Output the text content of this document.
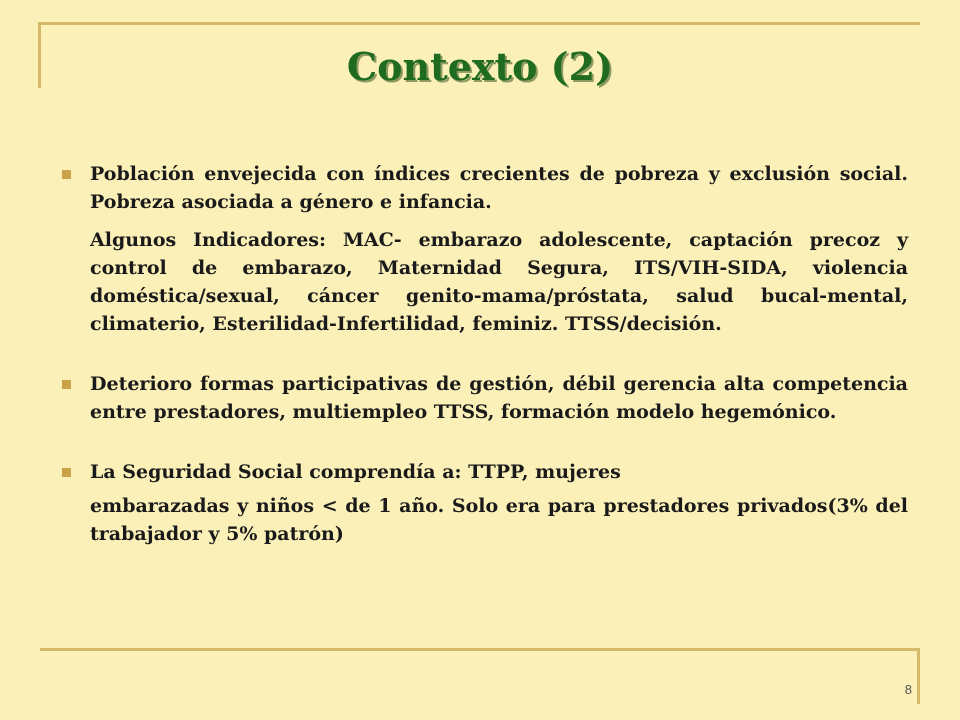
Contexto (2)
Población envejecida con índices crecientes de pobreza y exclusión social. Pobreza asociada a género e infancia.
Algunos Indicadores: MAC- embarazo adolescente, captación precoz y control de embarazo, Maternidad Segura, ITS/VIH-SIDA, violencia doméstica/sexual, cáncer genito-mama/próstata, salud bucal-mental, climaterio, Esterilidad-Infertilidad, feminiz. TTSS/decisión.
Deterioro formas participativas de gestión, débil gerencia alta competencia entre prestadores, multiempleo TTSS, formación modelo hegemónico.
La Seguridad Social comprendía a: TTPP, mujeres
embarazadas y niños < de 1 año. Solo era para prestadores privados(3% del trabajador y 5% patrón)
8
